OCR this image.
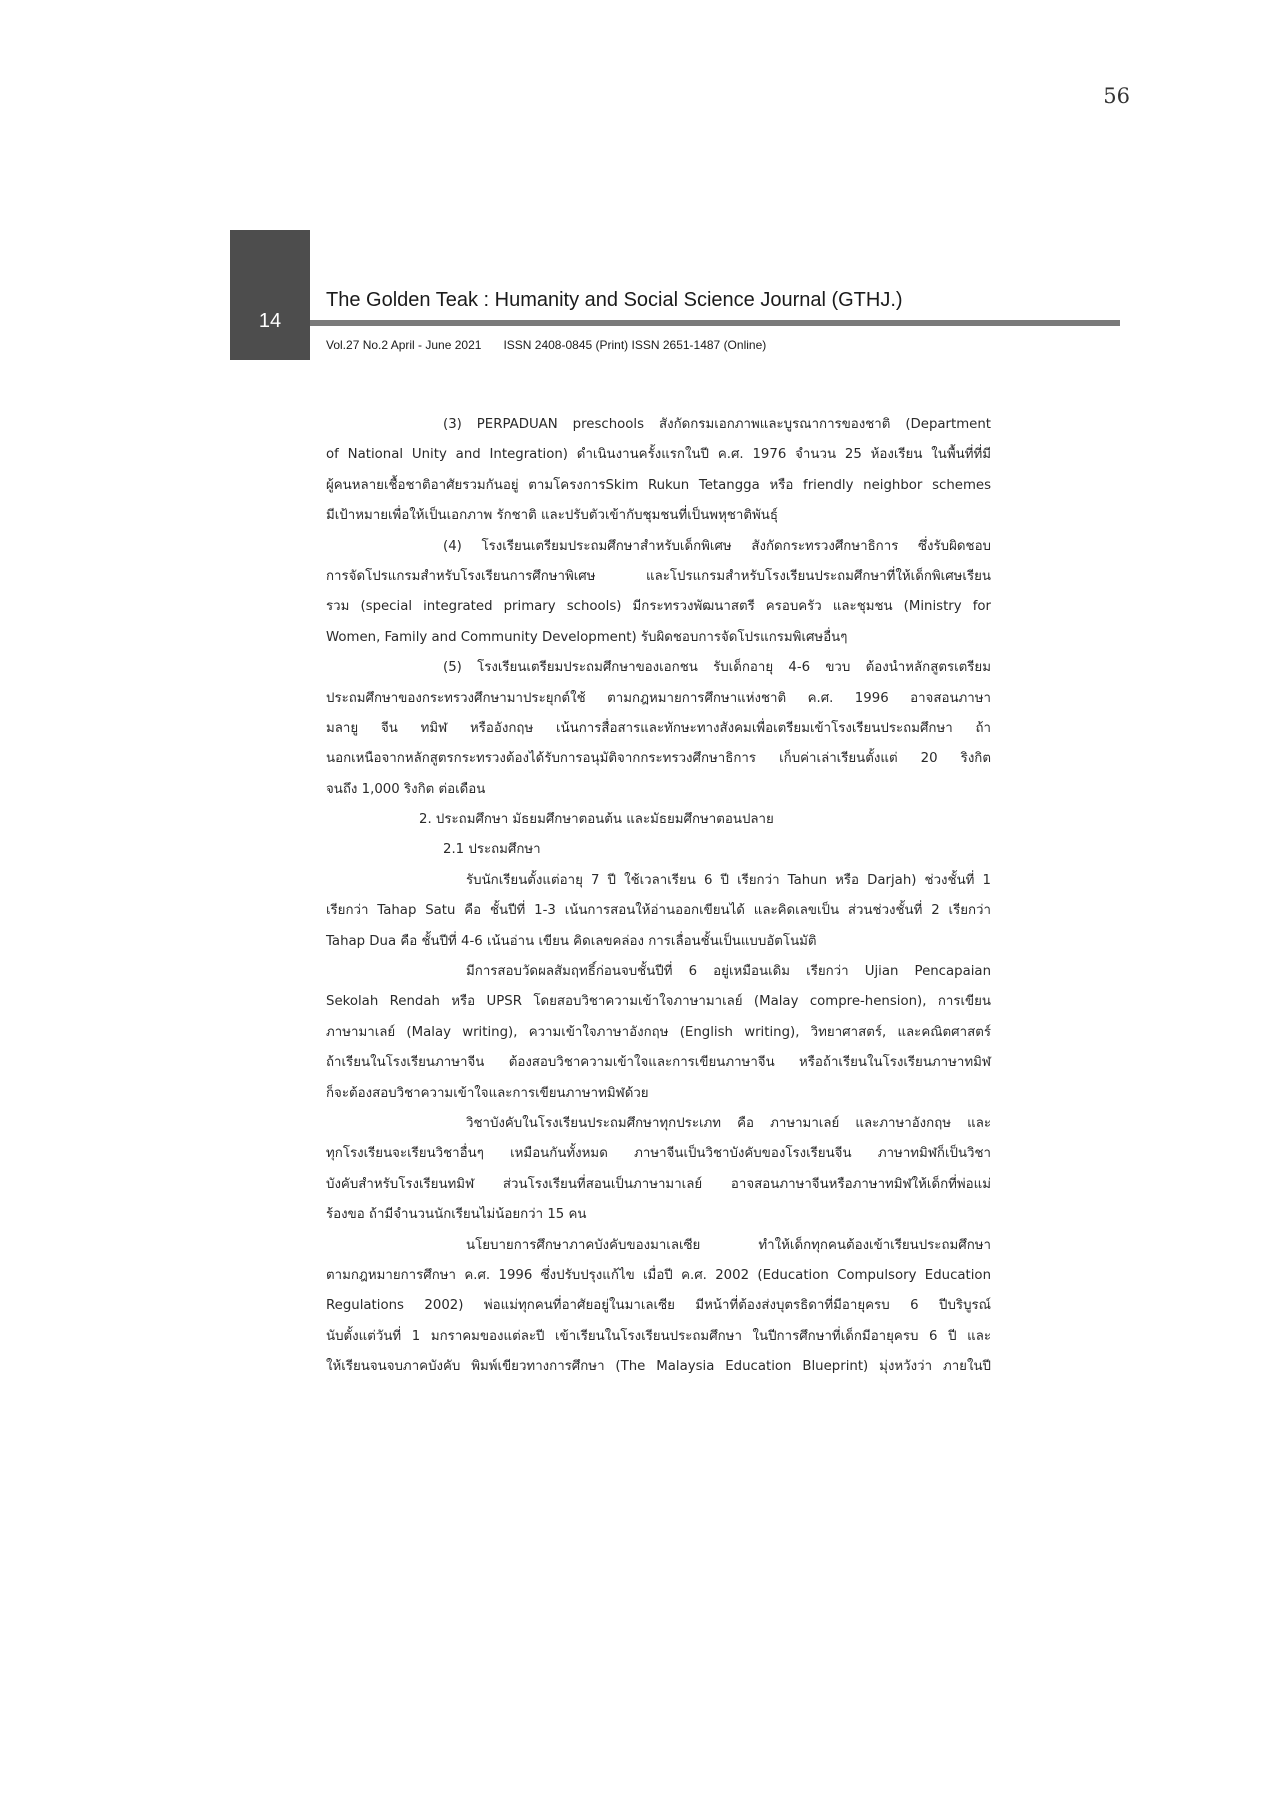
56
14
The Golden Teak : Humanity and Social Science Journal (GTHJ.)
Vol.27 No.2 April - June 2021 ISSN 2408-0845 (Print) ISSN 2651-1487 (Online)
(3) PERPADUAN preschools สังกัดกรมเอกภาพและบูรณาการของชาติ (Department
of National Unity and Integration) ดำเนินงานครั้งแรกในปี ค.ศ. 1976 จำนวน 25 ห้องเรียน ในพื้นที่ที่มี
ผู้คนหลายเชื้อชาติอาศัยรวมกันอยู่ ตามโครงการSkim Rukun Tetangga หรือ friendly neighbor schemes
มีเป้าหมายเพื่อให้เป็นเอกภาพ รักชาติ และปรับตัวเข้ากับชุมชนที่เป็นพหุชาติพันธุ์
(4) โรงเรียนเตรียมประถมศึกษาสำหรับเด็กพิเศษ สังกัดกระทรวงศึกษาธิการ ซึ่งรับผิดชอบ
การจัดโปรแกรมสำหรับโรงเรียนการศึกษาพิเศษ และโปรแกรมสำหรับโรงเรียนประถมศึกษาที่ให้เด็กพิเศษเรียน
รวม (special integrated primary schools) มีกระทรวงพัฒนาสตรี ครอบครัว และชุมชน (Ministry for
Women, Family and Community Development) รับผิดชอบการจัดโปรแกรมพิเศษอื่นๆ
(5) โรงเรียนเตรียมประถมศึกษาของเอกชน รับเด็กอายุ 4-6 ขวบ ต้องนำหลักสูตรเตรียม
ประถมศึกษาของกระทรวงศึกษามาประยุกต์ใช้ ตามกฎหมายการศึกษาแห่งชาติ ค.ศ. 1996 อาจสอนภาษา
มลายู จีน ทมิฬ หรืออังกฤษ เน้นการสื่อสารและทักษะทางสังคมเพื่อเตรียมเข้าโรงเรียนประถมศึกษา ถ้า
นอกเหนือจากหลักสูตรกระทรวงต้องได้รับการอนุมัติจากกระทรวงศึกษาธิการ เก็บค่าเล่าเรียนตั้งแต่ 20 ริงกิต
จนถึง 1,000 ริงกิต ต่อเดือน
2. ประถมศึกษา มัธยมศึกษาตอนต้น และมัธยมศึกษาตอนปลาย
2.1 ประถมศึกษา
รับนักเรียนตั้งแต่อายุ 7 ปี ใช้เวลาเรียน 6 ปี เรียกว่า Tahun หรือ Darjah) ช่วงชั้นที่ 1
เรียกว่า Tahap Satu คือ ชั้นปีที่ 1-3 เน้นการสอนให้อ่านออกเขียนได้ และคิดเลขเป็น ส่วนช่วงชั้นที่ 2 เรียกว่า
Tahap Dua คือ ชั้นปีที่ 4-6 เน้นอ่าน เขียน คิดเลขคล่อง การเลื่อนชั้นเป็นแบบอัตโนมัติ
มีการสอบวัดผลสัมฤทธิ์ก่อนจบชั้นปีที่ 6 อยู่เหมือนเดิม เรียกว่า Ujian Pencapaian
Sekolah Rendah หรือ UPSR โดยสอบวิชาความเข้าใจภาษามาเลย์ (Malay compre-hension), การเขียน
ภาษามาเลย์ (Malay writing), ความเข้าใจภาษาอังกฤษ (English writing), วิทยาศาสตร์, และคณิตศาสตร์
ถ้าเรียนในโรงเรียนภาษาจีน ต้องสอบวิชาความเข้าใจและการเขียนภาษาจีน หรือถ้าเรียนในโรงเรียนภาษาทมิฬ
ก็จะต้องสอบวิชาความเข้าใจและการเขียนภาษาทมิฬด้วย
วิชาบังคับในโรงเรียนประถมศึกษาทุกประเภท คือ ภาษามาเลย์ และภาษาอังกฤษ และ
ทุกโรงเรียนจะเรียนวิชาอื่นๆ เหมือนกันทั้งหมด ภาษาจีนเป็นวิชาบังคับของโรงเรียนจีน ภาษาทมิฬก็เป็นวิชา
บังคับสำหรับโรงเรียนทมิฬ ส่วนโรงเรียนที่สอนเป็นภาษามาเลย์ อาจสอนภาษาจีนหรือภาษาทมิฬให้เด็กที่พ่อแม่
ร้องขอ ถ้ามีจำนวนนักเรียนไม่น้อยกว่า 15 คน
นโยบายการศึกษาภาคบังคับของมาเลเซีย ทำให้เด็กทุกคนต้องเข้าเรียนประถมศึกษา
ตามกฎหมายการศึกษา ค.ศ. 1996 ซึ่งปรับปรุงแก้ไข เมื่อปี ค.ศ. 2002 (Education Compulsory Education
Regulations 2002) พ่อแม่ทุกคนที่อาศัยอยู่ในมาเลเซีย มีหน้าที่ต้องส่งบุตรธิดาที่มีอายุครบ 6 ปีบริบูรณ์
นับตั้งแต่วันที่ 1 มกราคมของแต่ละปี เข้าเรียนในโรงเรียนประถมศึกษา ในปีการศึกษาที่เด็กมีอายุครบ 6 ปี และ
ให้เรียนจนจบภาคบังคับ พิมพ์เขียวทางการศึกษา (The Malaysia Education Blueprint) มุ่งหวังว่า ภายในปี
